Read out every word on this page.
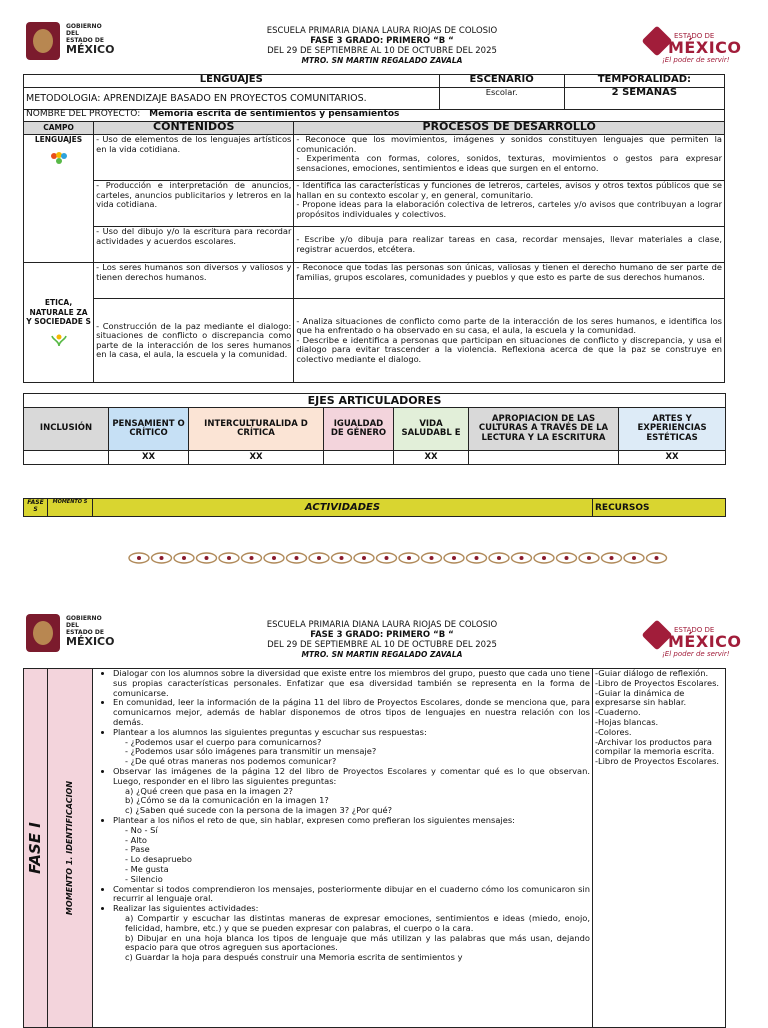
GOBIERNO DEL
ESTADO DE
MÉXICO
ESCUELA PRIMARIA DIANA LAURA RIOJAS DE COLOSIO
FASE 3 GRADO: PRIMERO “B “
DEL 29 DE SEPTIEMBRE AL 10 DE OCTUBRE DEL 2025
MTRO. SN MARTIN REGALADO ZAVALA
ESTADO DE
MÉXICO
¡El poder de servir!
LENGUAJES			ESCENARIO	TEMPORALIDAD:
METODOLOGIA: APRENDIZAJE BASADO EN PROYECTOS COMUNITARIOS.			Escolar.	2 SEMANAS
NOMBRE DEL PROYECTO: Memoria escrita de sentimientos y pensamientos				
CAMPO	CONTENIDOS	PROCESOS DE DESARROLLO		
LENGUAJES	- Uso de elementos de los lenguajes artísticos en la vida cotidiana.	- Reconoce que los movimientos, imágenes y sonidos constituyen lenguajes que permiten la comunicación.
- Experimenta con formas, colores, sonidos, texturas, movimientos o gestos para expresar sensaciones, emociones, sentimientos e ideas que surgen en el entorno.		
	- Producción e interpretación de anuncios, carteles, anuncios publicitarios y letreros en la vida cotidiana.	- Identifica las características y funciones de letreros, carteles, avisos y otros textos públicos que se hallan en su contexto escolar y, en general, comunitario.
- Propone ideas para la elaboración colectiva de letreros, carteles y/o avisos que contribuyan a lograr propósitos individuales y colectivos.		
	- Uso del dibujo y/o la escritura para recordar actividades y acuerdos escolares.	- Escribe y/o dibuja para realizar tareas en casa, recordar mensajes, llevar materiales a clase, registrar acuerdos, etcétera.		
ETICA, NATURALE ZA Y SOCIEDADE S	- Los seres humanos son diversos y valiosos y tienen derechos humanos.	- Reconoce que todas las personas son únicas, valiosas y tienen el derecho humano de ser parte de familias, grupos escolares, comunidades y pueblos y que esto es parte de sus derechos humanos.		
	- Construcción de la paz mediante el dialogo: situaciones de conflicto o discrepancia como parte de la interacción de los seres humanos en la casa, el aula, la escuela y la comunidad.	- Analiza situaciones de conflicto como parte de la interacción de los seres humanos, e identifica los que ha enfrentado o ha observado en su casa, el aula, la escuela y la comunidad.
- Describe e identifica a personas que participan en situaciones de conflicto y discrepancia, y usa el dialogo para evitar trascender a la violencia. Reflexiona acerca de que la paz se construye en colectivo mediante el dialogo.		
EJES ARTICULADORES						
INCLUSIÓN	PENSAMIENT O CRÍTICO	INTERCULTURALIDA D CRÍTICA	IGUALDAD DE GÉNERO	VIDA SALUDABL E	APROPIACION DE LAS CULTURAS A TRAVÉS DE LA LECTURA Y LA ESCRITURA	ARTES Y EXPERIENCIAS ESTÉTICAS
	XX	XX		XX		XX
FASE S	MOMENTO S	ACTIVIDADES	RECURSOS
GOBIERNO DEL
ESTADO DE
MÉXICO
ESCUELA PRIMARIA DIANA LAURA RIOJAS DE COLOSIO
FASE 3 GRADO: PRIMERO “B “
DEL 29 DE SEPTIEMBRE AL 10 DE OCTUBRE DEL 2025
MTRO. SN MARTIN REGALADO ZAVALA
ESTADO DE
MÉXICO
¡El poder de servir!
FASE I	MOMENTO 1. IDENTIFICACION

• Dialogar con los alumnos sobre la diversidad que existe entre los miembros del grupo, puesto que cada uno tiene sus propias características personales. Enfatizar que esa diversidad también se representa en la forma de comunicarse.
• En comunidad, leer la información de la página 11 del libro de Proyectos Escolares, donde se menciona que, para comunicarnos mejor, además de hablar disponemos de otros tipos de lenguajes en nuestra relación con los demás.
• Plantear a los alumnos las siguientes preguntas y escuchar sus respuestas:
- ¿Podemos usar el cuerpo para comunicarnos?
- ¿Podemos usar sólo imágenes para transmitir un mensaje?
- ¿De qué otras maneras nos podemos comunicar?
• Observar las imágenes de la página 12 del libro de Proyectos Escolares y comentar qué es lo que observan. Luego, responder en el libro las siguientes preguntas:
a) ¿Qué creen que pasa en la imagen 2?
b) ¿Cómo se da la comunicación en la imagen 1?
c) ¿Saben qué sucede con la persona de la imagen 3? ¿Por qué?
• Plantear a los niños el reto de que, sin hablar, expresen como prefieran los siguientes mensajes:
- No - Sí
- Alto
- Pase
- Lo desapruebo
- Me gusta
- Silencio
• Comentar si todos comprendieron los mensajes, posteriormente dibujar en el cuaderno cómo los comunicaron sin recurrir al lenguaje oral.
• Realizar las siguientes actividades:
a) Compartir y escuchar las distintas maneras de expresar emociones, sentimientos e ideas (miedo, enojo, felicidad, hambre, etc.) y que se pueden expresar con palabras, el cuerpo o la cara.
b) Dibujar en una hoja blanca los tipos de lenguaje que más utilizan y las palabras que más usan, dejando espacio para que otros agreguen sus aportaciones.
c) Guardar la hoja para después construir una Memoria escrita de sentimientos y
	-Guiar diálogo de reflexión.
-Libro de Proyectos Escolares.
-Guiar la dinámica de expresarse sin hablar.
-Cuaderno.
-Hojas blancas.
-Colores.
-Archivar los productos para compilar la memoria escrita.
-Libro de Proyectos Escolares.
